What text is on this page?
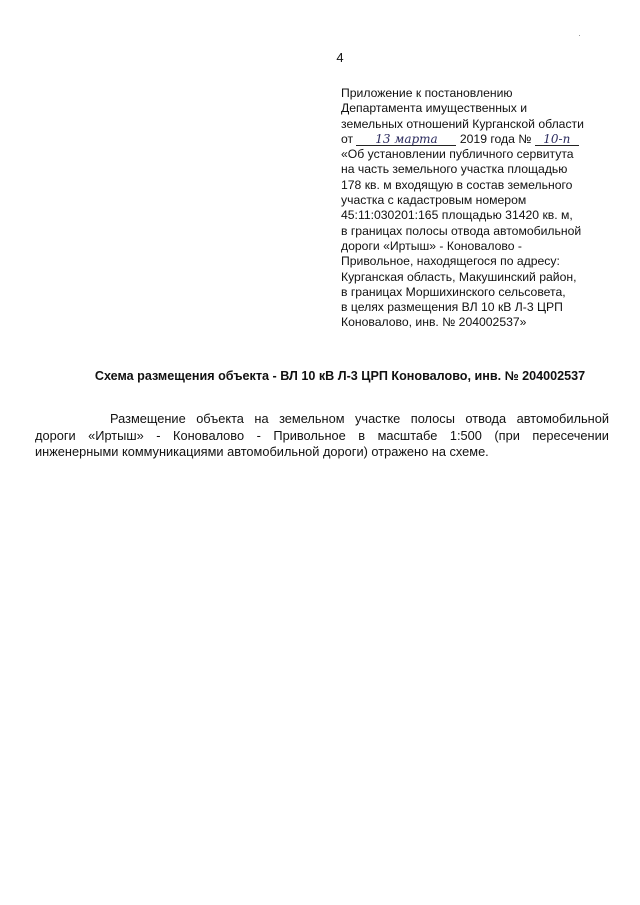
4
Приложение к постановлению
Департамента имущественных и
земельных отношений Курганской области
от 13 марта 2019 года № 10-п
«Об установлении публичного сервитута
на часть земельного участка площадью
178 кв. м входящую в состав земельного
участка с кадастровым номером
45:11:030201:165 площадью 31420 кв. м,
в границах полосы отвода автомобильной
дороги «Иртыш» - Коновалово -
Привольное, находящегося по адресу:
Курганская область, Макушинский район,
в границах Моршихинского сельсовета,
в целях размещения ВЛ 10 кВ Л-3 ЦРП
Коновалово, инв. № 204002537»
Схема размещения объекта - ВЛ 10 кВ Л-3 ЦРП Коновалово, инв. № 204002537
Размещение объекта на земельном участке полосы отвода автомобильной
дороги «Иртыш» - Коновалово - Привольное в масштабе 1:500 (при пересечении
инженерными коммуникациями автомобильной дороги) отражено на схеме.
